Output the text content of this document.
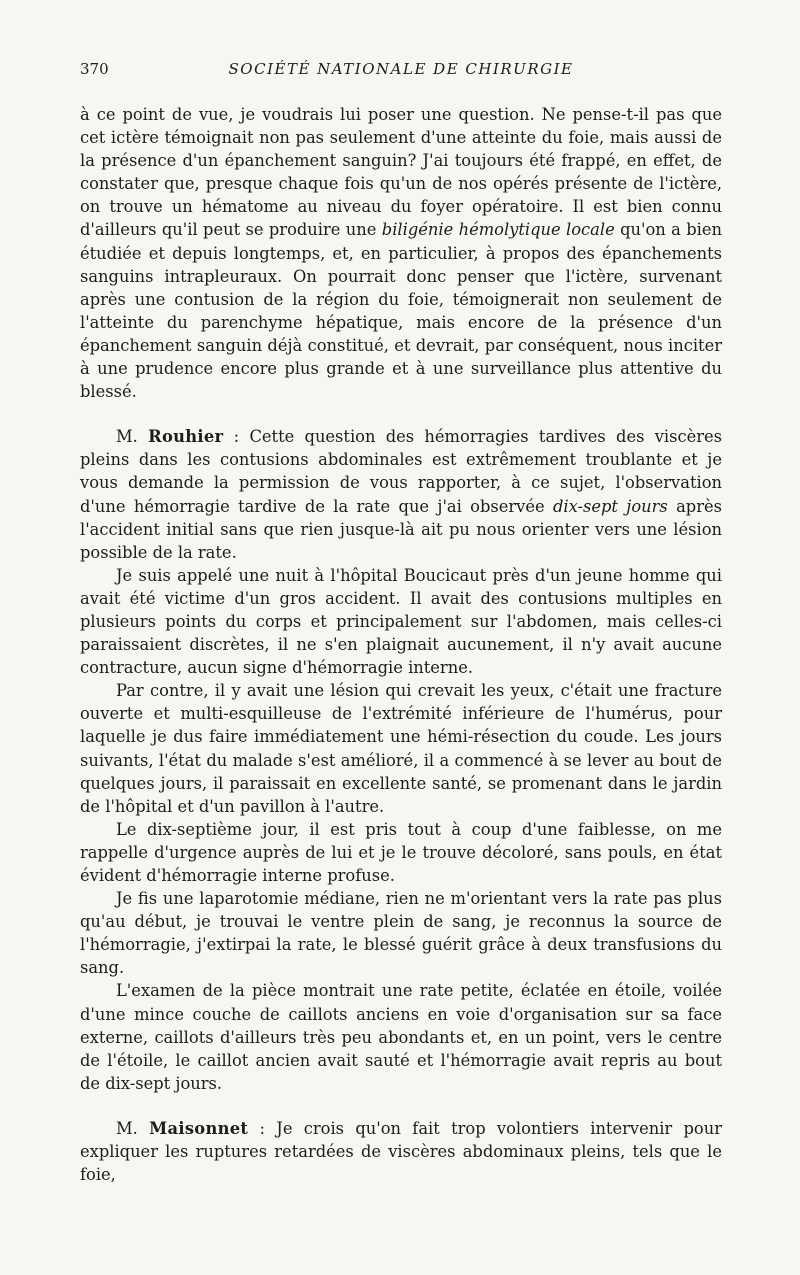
370	SOCIÉTÉ NATIONALE DE CHIRURGIE

à ce point de vue, je voudrais lui poser une question. Ne pense-t-il pas que cet ictère témoignait non pas seulement d'une atteinte du foie, mais aussi de la présence d'un épanchement sanguin? J'ai toujours été frappé, en effet, de constater que, presque chaque fois qu'un de nos opérés présente de l'ictère, on trouve un hématome au niveau du foyer opératoire. Il est bien connu d'ailleurs qu'il peut se produire une biligénie hémolytique locale qu'on a bien étudiée et depuis longtemps, et, en particulier, à propos des épanchements sanguins intrapleuraux. On pourrait donc penser que l'ictère, survenant après une contusion de la région du foie, témoignerait non seulement de l'atteinte du parenchyme hépatique, mais encore de la présence d'un épanchement sanguin déjà constitué, et devrait, par conséquent, nous inciter à une prudence encore plus grande et à une surveillance plus attentive du blessé.

M. Rouhier : Cette question des hémorragies tardives des viscères pleins dans les contusions abdominales est extrêmement troublante et je vous demande la permission de vous rapporter, à ce sujet, l'observation d'une hémorragie tardive de la rate que j'ai observée dix-sept jours après l'accident initial sans que rien jusque-là ait pu nous orienter vers une lésion possible de la rate.

Je suis appelé une nuit à l'hôpital Boucicaut près d'un jeune homme qui avait été victime d'un gros accident. Il avait des contusions multiples en plusieurs points du corps et principalement sur l'abdomen, mais celles-ci paraissaient discrètes, il ne s'en plaignait aucunement, il n'y avait aucune contracture, aucun signe d'hémorragie interne.

Par contre, il y avait une lésion qui crevait les yeux, c'était une fracture ouverte et multi-esquilleuse de l'extrémité inférieure de l'humérus, pour laquelle je dus faire immédiatement une hémi-résection du coude. Les jours suivants, l'état du malade s'est amélioré, il a commencé à se lever au bout de quelques jours, il paraissait en excellente santé, se promenant dans le jardin de l'hôpital et d'un pavillon à l'autre.

Le dix-septième jour, il est pris tout à coup d'une faiblesse, on me rappelle d'urgence auprès de lui et je le trouve décoloré, sans pouls, en état évident d'hémorragie interne profuse.

Je fis une laparotomie médiane, rien ne m'orientant vers la rate pas plus qu'au début, je trouvai le ventre plein de sang, je reconnus la source de l'hémorragie, j'extirpai la rate, le blessé guérit grâce à deux transfusions du sang.

L'examen de la pièce montrait une rate petite, éclatée en étoile, voilée d'une mince couche de caillots anciens en voie d'organisation sur sa face externe, caillots d'ailleurs très peu abondants et, en un point, vers le centre de l'étoile, le caillot ancien avait sauté et l'hémorragie avait repris au bout de dix-sept jours.

M. Maisonnet : Je crois qu'on fait trop volontiers intervenir pour expliquer les ruptures retardées de viscères abdominaux pleins, tels que le foie,
